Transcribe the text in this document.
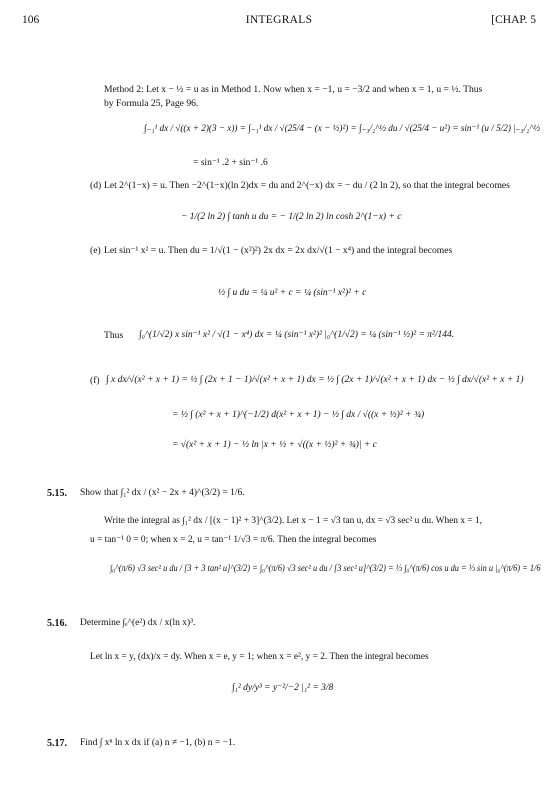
106	INTEGRALS	[CHAP. 5
Method 2: Let x − ½ = u as in Method 1. Now when x = −1, u = −3/2 and when x = 1, u = ½. Thus
by Formula 25, Page 96.
∫₋₁¹ dx / √((x + 2)(3 − x)) = ∫₋₁¹ dx / √(25/4 − (x − ½)²) = ∫₋₃/₂^½ du / √(25/4 − u²) = sin⁻¹ (u / 5/2) |₋₃/₂^½
= sin⁻¹ .2 + sin⁻¹ .6
(d) Let 2^(1−x) = u. Then −2^(1−x)(ln 2)dx = du and 2^(−x) dx = − du / (2 ln 2), so that the integral becomes
− 1/(2 ln 2) ∫ tanh u du = − 1/(2 ln 2) ln cosh 2^(1−x) + c
(e) Let sin⁻¹ x² = u. Then du = 1/√(1 − (x²)²) 2x dx = 2x dx/√(1 − x⁴) and the integral becomes
½ ∫ u du = ¼ u² + c = ¼ (sin⁻¹ x²)² + c
Thus ∫₀^(1/√2) x sin⁻¹ x² / √(1 − x⁴) dx = ¼ (sin⁻¹ x²)² |₀^(1/√2) = ¼ (sin⁻¹ ½)² = π²/144.
(f) ∫ x dx/√(x² + x + 1) = ½ ∫ (2x + 1 − 1)/√(x² + x + 1) dx = ½ ∫ (2x + 1)/√(x² + x + 1) dx − ½ ∫ dx/√(x² + x + 1)
= ½ ∫ (x² + x + 1)^(−1/2) d(x² + x + 1) − ½ ∫ dx / √((x + ½)² + ¾)
= √(x² + x + 1) − ½ ln |x + ½ + √((x + ½)² + ¾)| + c
5.15. Show that ∫₁² dx / (x² − 2x + 4)^(3/2) = 1/6.
Write the integral as ∫₁² dx / [(x − 1)² + 3]^(3/2). Let x − 1 = √3 tan u, dx = √3 sec² u du. When x = 1,
u = tan⁻¹ 0 = 0; when x = 2, u = tan⁻¹ 1/√3 = π/6. Then the integral becomes
∫₀^(π/6) √3 sec² u du / [3 + 3 tan² u]^(3/2) = ∫₀^(π/6) √3 sec² u du / [3 sec² u]^(3/2) = ⅓ ∫₀^(π/6) cos u du = ⅓ sin u |₀^(π/6) = 1/6
5.16. Determine ∫ₑ^(e²) dx / x(ln x)³.
Let ln x = y, (dx)/x = dy. When x = e, y = 1; when x = e², y = 2. Then the integral becomes
∫₁² dy/y³ = y⁻²/−2 |₁² = 3/8
5.17. Find ∫ xⁿ ln x dx if (a) n ≠ −1, (b) n = −1.
